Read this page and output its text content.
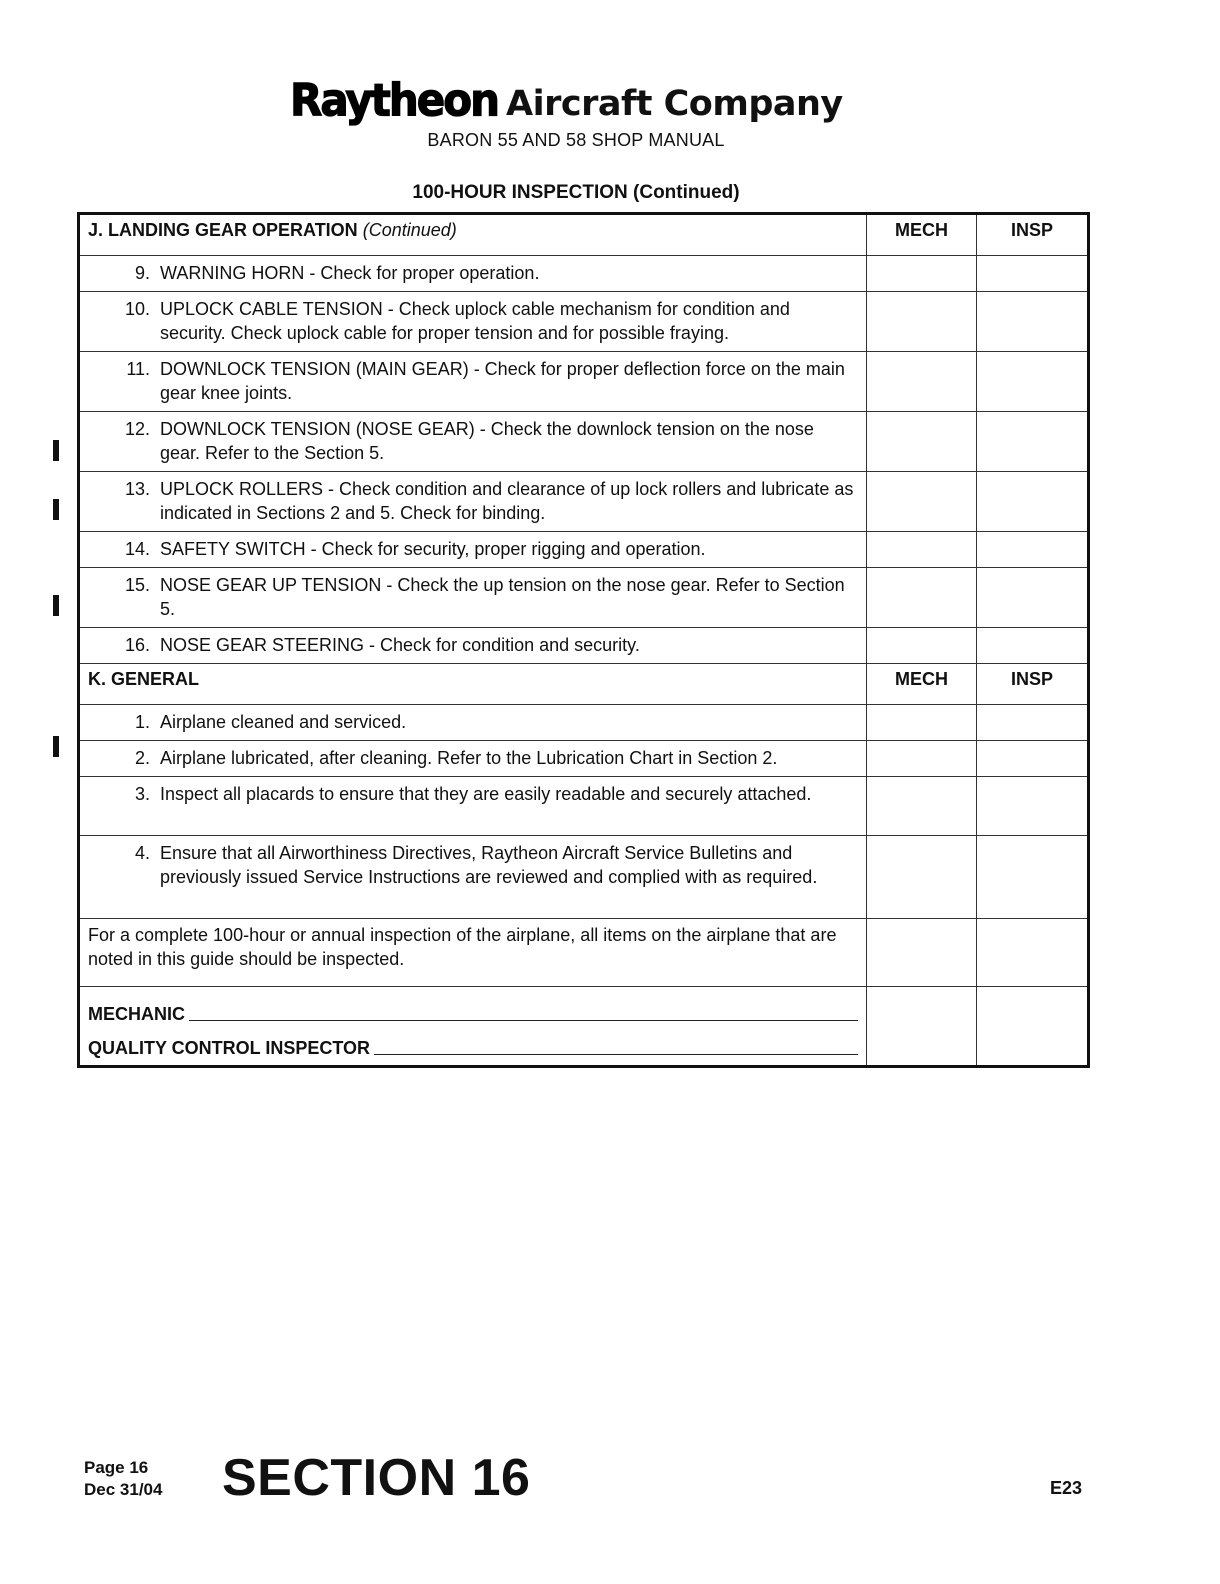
Raytheon Aircraft Company
BARON 55 AND 58 SHOP MANUAL
100-HOUR INSPECTION (Continued)
J. LANDING GEAR OPERATION (Continued)	MECH	INSP

9. WARNING HORN - Check for proper operation.		

10. UPLOCK CABLE TENSION - Check uplock cable mechanism for condition and security. Check uplock cable for proper tension and for possible fraying.		

11. DOWNLOCK TENSION (MAIN GEAR) - Check for proper deflection force on the main gear knee joints.		

12. DOWNLOCK TENSION (NOSE GEAR) - Check the downlock tension on the nose gear. Refer to the Section 5.		

13. UPLOCK ROLLERS - Check condition and clearance of up lock rollers and lubricate as indicated in Sections 2 and 5. Check for binding.		

14. SAFETY SWITCH - Check for security, proper rigging and operation.		

15. NOSE GEAR UP TENSION - Check the up tension on the nose gear. Refer to Section 5.		

16. NOSE GEAR STEERING - Check for condition and security.		

K. GENERAL	MECH	INSP

1. Airplane cleaned and serviced.		

2. Airplane lubricated, after cleaning. Refer to the Lubrication Chart in Section 2.		

3. Inspect all placards to ensure that they are easily readable and securely attached.		

4. Ensure that all Airworthiness Directives, Raytheon Aircraft Service Bulletins and previously issued Service Instructions are reviewed and complied with as required.		

For a complete 100-hour or annual inspection of the airplane, all items on the airplane that are noted in this guide should be inspected.		

MECHANIC
QUALITY CONTROL INSPECTOR		

Page 16
Dec 31/04 SECTION 16	E23
